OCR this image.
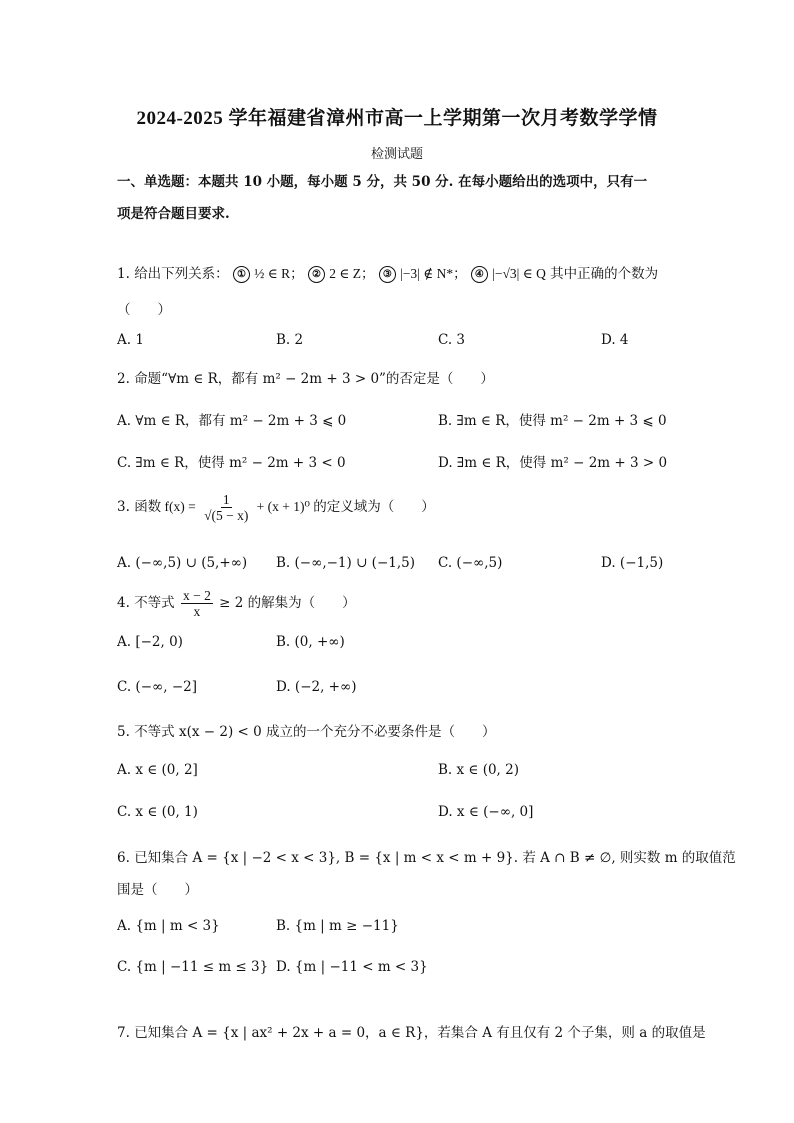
2024-2025 学年福建省漳州市高一上学期第一次月考数学学情
检测试题
一、单选题：本题共 10 小题，每小题 5 分，共 50 分. 在每小题给出的选项中，只有一
项是符合题目要求.
1. 给出下列关系： ① ½ ∈ R； ② 2 ∈ Z； ③ |−3| ∉ N*； ④ |−√3| ∈ Q 其中正确的个数为
（　　）
A. 1	B. 2	C. 3	D. 4
2. 命题“∀m ∈ R，都有 m² − 2m + 3 > 0”的否定是（　　）
A. ∀m ∈ R，都有 m² − 2m + 3 ⩽ 0	B. ∃m ∈ R，使得 m² − 2m + 3 ⩽ 0
C. ∃m ∈ R，使得 m² − 2m + 3 < 0	D. ∃m ∈ R，使得 m² − 2m + 3 > 0
3. 函数 $f(x) = \frac{1}{√(5 - x)} + (x + 1)^0$ 的定义域为（　　）
A. (−∞,5) ∪ (5,+∞) B. (−∞,−1) ∪ (−1,5) C. (−∞,5)	D. (−1,5)
4. 不等式 $\frac{x - 2}{x} \ge 2$ 的解集为（　　）
A. [−2, 0)	B. (0, +∞)
C. (−∞, −2]	D. (−2, +∞)
5. 不等式 x(x − 2) < 0 成立的一个充分不必要条件是（　　）
A. x ∈ (0, 2]	B. x ∈ (0, 2)
C. x ∈ (0, 1)	D. x ∈ (−∞, 0]
6. 已知集合 A = {x | −2 < x < 3}, B = {x | m < x < m + 9}. 若 A ∩ B ≠ ∅, 则实数 m 的取值范
围是（　　）
A. {m | m < 3}	B. {m | m ≥ −11}
C. {m | −11 ≤ m ≤ 3} D. {m | −11 < m < 3}
7. 已知集合 A = {x | ax² + 2x + a = 0，a ∈ R}，若集合 A 有且仅有 2 个子集，则 a 的取值是
